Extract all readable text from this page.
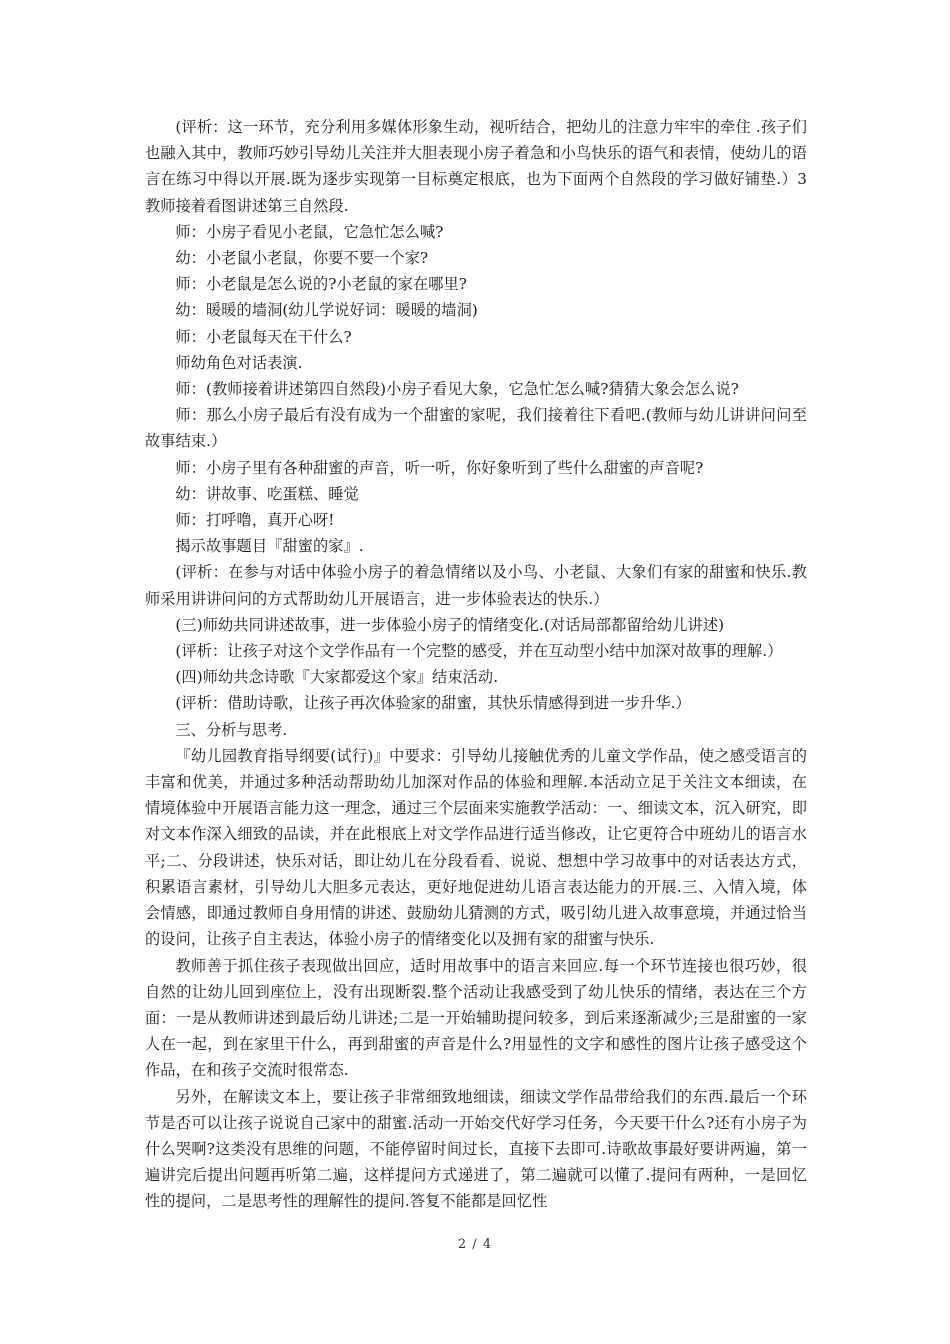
(评析：这一环节，充分利用多媒体形象生动，视听结合，把幼儿的注意力牢牢的牵住 .孩子们也融入其中，教师巧妙引导幼儿关注并大胆表现小房子着急和小鸟快乐的语气和表情，使幼儿的语言在练习中得以开展.既为逐步实现第一目标奠定根底，也为下面两个自然段的学习做好铺垫.）3 教师接着看图讲述第三自然段.

师：小房子看见小老鼠，它急忙怎么喊?

幼：小老鼠小老鼠，你要不要一个家?

师：小老鼠是怎么说的?小老鼠的家在哪里?

幼：暖暖的墙洞(幼儿学说好词：暖暖的墙洞)

师：小老鼠每天在干什么?

师幼角色对话表演.

师：(教师接着讲述第四自然段)小房子看见大象，它急忙怎么喊?猜猜大象会怎么说?

师：那么小房子最后有没有成为一个甜蜜的家呢，我们接着往下看吧.(教师与幼儿讲讲问问至故事结束.）

师：小房子里有各种甜蜜的声音，听一听，你好象听到了些什么甜蜜的声音呢?

幼：讲故事、吃蛋糕、睡觉

师：打呼噜，真开心呀!

揭示故事题目『甜蜜的家』.

(评析：在参与对话中体验小房子的着急情绪以及小鸟、小老鼠、大象们有家的甜蜜和快乐.教师采用讲讲问问的方式帮助幼儿开展语言，进一步体验表达的快乐.）

(三)师幼共同讲述故事，进一步体验小房子的情绪变化.(对话局部都留给幼儿讲述)

(评析：让孩子对这个文学作品有一个完整的感受，并在互动型小结中加深对故事的理解.）

(四)师幼共念诗歌『大家都爱这个家』结束活动.

(评析：借助诗歌，让孩子再次体验家的甜蜜，其快乐情感得到进一步升华.）

三、分析与思考.

『幼儿园教育指导纲要(试行)』中要求：引导幼儿接触优秀的儿童文学作品，使之感受语言的丰富和优美，并通过多种活动帮助幼儿加深对作品的体验和理解.本活动立足于关注文本细读，在情境体验中开展语言能力这一理念，通过三个层面来实施教学活动：一、细读文本，沉入研究，即对文本作深入细致的品读，并在此根底上对文学作品进行适当修改，让它更符合中班幼儿的语言水平;二、分段讲述，快乐对话，即让幼儿在分段看看、说说、想想中学习故事中的对话表达方式，积累语言素材，引导幼儿大胆多元表达，更好地促进幼儿语言表达能力的开展.三、入情入境，体会情感，即通过教师自身用情的讲述、鼓励幼儿猜测的方式，吸引幼儿进入故事意境，并通过恰当的设问，让孩子自主表达，体验小房子的情绪变化以及拥有家的甜蜜与快乐.

教师善于抓住孩子表现做出回应，适时用故事中的语言来回应.每一个环节连接也很巧妙，很自然的让幼儿回到座位上，没有出现断裂.整个活动让我感受到了幼儿快乐的情绪，表达在三个方面：一是从教师讲述到最后幼儿讲述;二是一开始辅助提问较多，到后来逐渐减少;三是甜蜜的一家人在一起，到在家里干什么，再到甜蜜的声音是什么?用显性的文字和感性的图片让孩子感受这个作品，在和孩子交流时很常态.

另外，在解读文本上，要让孩子非常细致地细读，细读文学作品带给我们的东西.最后一个环节是否可以让孩子说说自己家中的甜蜜.活动一开始交代好学习任务，今天要干什么?还有小房子为什么哭啊?这类没有思维的问题，不能停留时间过长，直接下去即可.诗歌故事最好要讲两遍，第一遍讲完后提出问题再听第二遍，这样提问方式递进了，第二遍就可以懂了.提问有两种，一是回忆性的提问，二是思考性的理解性的提问.答复不能都是回忆性

2 / 4
